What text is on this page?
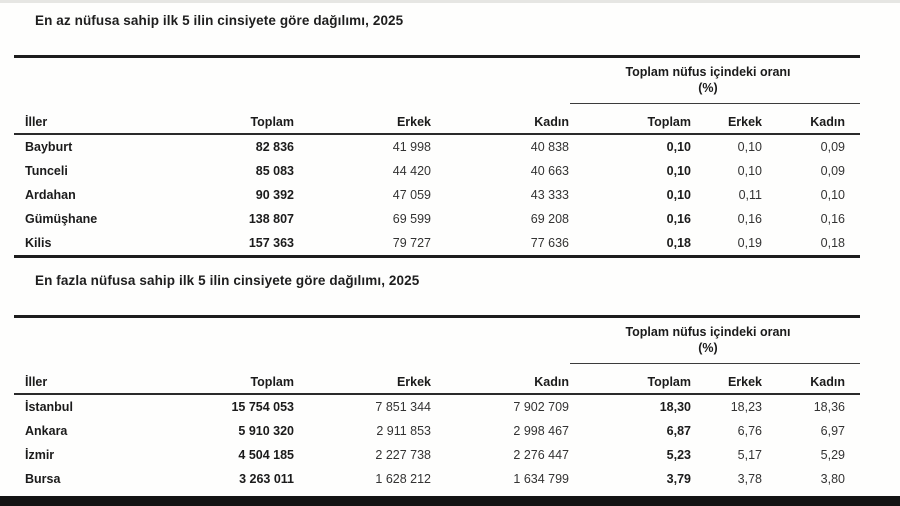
En az nüfusa sahip ilk 5 ilin cinsiyete göre dağılımı, 2025

				Toplam nüfus içindeki oranı
(%)		

İller	Toplam	Erkek	Kadın	Toplam	Erkek	Kadın
Bayburt	82 836	41 998	40 838	0,10	0,10	0,09
Tunceli	85 083	44 420	40 663	0,10	0,10	0,09
Ardahan	90 392	47 059	43 333	0,10	0,11	0,10
Gümüşhane	138 807	69 599	69 208	0,16	0,16	0,16
Kilis	157 363	79 727	77 636	0,18	0,19	0,18
En fazla nüfusa sahip ilk 5 ilin cinsiyete göre dağılımı, 2025

				Toplam nüfus içindeki oranı
(%)		

İller	Toplam	Erkek	Kadın	Toplam	Erkek	Kadın
İstanbul	15 754 053	7 851 344	7 902 709	18,30	18,23	18,36
Ankara	5 910 320	2 911 853	2 998 467	6,87	6,76	6,97
İzmir	4 504 185	2 227 738	2 276 447	5,23	5,17	5,29
Bursa	3 263 011	1 628 212	1 634 799	3,79	3,78	3,80
